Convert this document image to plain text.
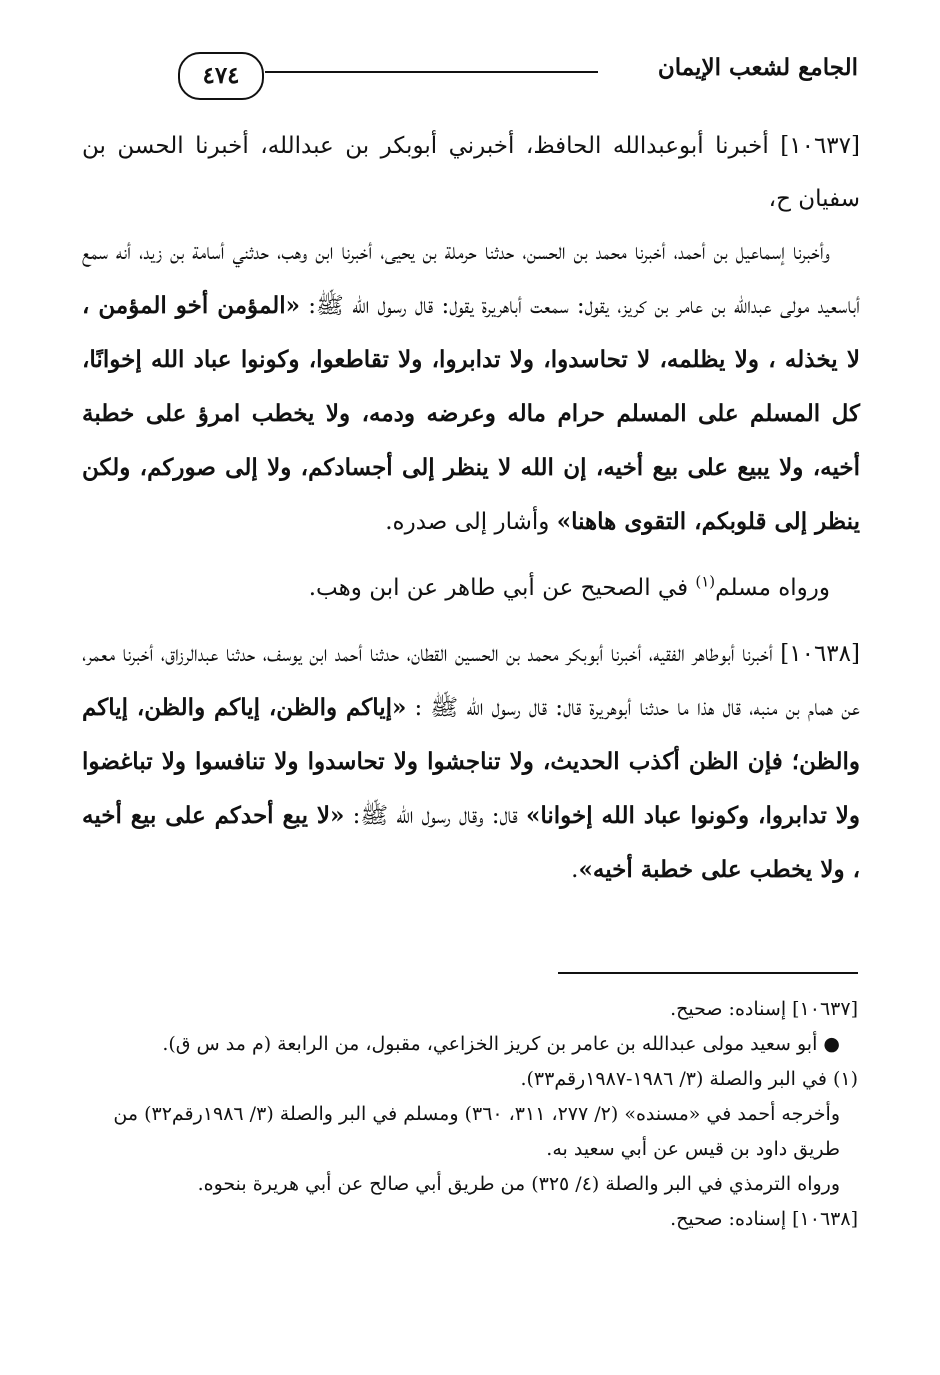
الجامع لشعب الإيمان
٤٧٤

[١٠٦٣٧] أخبرنا أبوعبدالله الحافظ، أخبرني أبوبكر بن عبدالله، أخبرنا الحسن بن سفيان ح،

وأخبرنا إسماعيل بن أحمد، أخبرنا محمد بن الحسن، حدثنا حرملة بن يحيى، أخبرنا ابن وهب، حدثني أسامة بن زيد، أنه سمع أباسعيد مولى عبدالله بن عامر بن كريز، يقول: سمعت أباهريرة يقول: قال رسول الله ﷺ: «المؤمن أخو المؤمن ، لا يخذله ، ولا يظلمه، لا تحاسدوا، ولا تدابروا، ولا تقاطعوا، وكونوا عباد الله إخوانًا، كل المسلم على المسلم حرام ماله وعرضه ودمه، ولا يخطب امرؤ على خطبة أخيه، ولا يبيع على بيع أخيه، إن الله لا ينظر إلى أجسادكم، ولا إلى صوركم، ولكن ينظر إلى قلوبكم، التقوى هاهنا» وأشار إلى صدره.

ورواه مسلم$^{(١)}$ في الصحيح عن أبي طاهر عن ابن وهب.

[١٠٦٣٨] أخبرنا أبوطاهر الفقيه، أخبرنا أبوبكر محمد بن الحسين القطان، حدثنا أحمد ابن يوسف، حدثنا عبدالرزاق، أخبرنا معمر، عن همام بن منبه، قال هذا ما حدثنا أبوهريرة قال: قال رسول الله ﷺ : «إياكم والظن، إياكم والظن، إياكم والظن؛ فإن الظن أكذب الحديث، ولا تناجشوا ولا تحاسدوا ولا تنافسوا ولا تباغضوا ولا تدابروا، وكونوا عباد الله إخوانا» قال: وقال رسول الله ﷺ: «لا يبع أحدكم على بيع أخيه ، ولا يخطب على خطبة أخيه».

[١٠٦٣٧] إسناده: صحيح.

● أبو سعيد مولى عبدالله بن عامر بن كريز الخزاعي، مقبول، من الرابعة (م مد س ق).

(١) في البر والصلة (٣/ ١٩٨٦-١٩٨٧رقم٣٣).

وأخرجه أحمد في «مسنده» (٢/ ٢٧٧، ٣١١، ٣٦٠) ومسلم في البر والصلة (٣/ ١٩٨٦رقم٣٢) من طريق داود بن قيس عن أبي سعيد به.

ورواه الترمذي في البر والصلة (٤/ ٣٢٥) من طريق أبي صالح عن أبي هريرة بنحوه.

[١٠٦٣٨] إسناده: صحيح.
